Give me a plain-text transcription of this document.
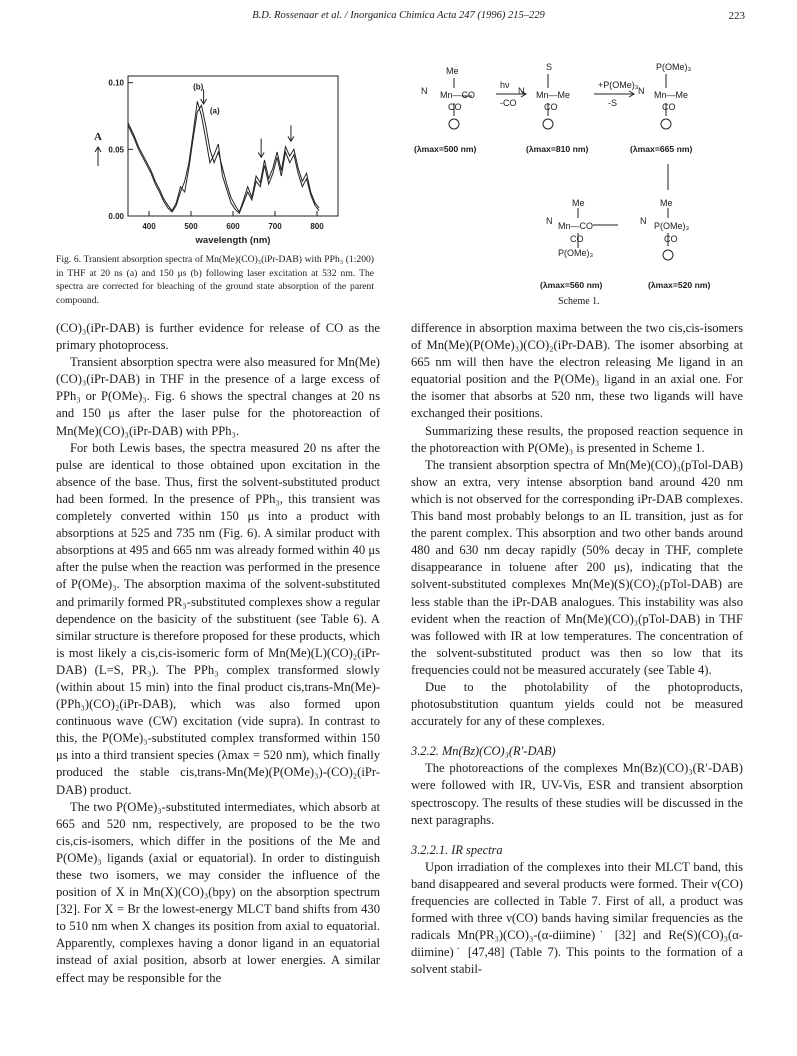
B.D. Rossenaar et al. / Inorganica Chimica Acta 247 (1996) 215–229	223
0.10
0.05
0.00
400	500	600	700	800
wavelength (nm)
A
(b)
(a)
Fig. 6. Transient absorption spectra of Mn(Me)(CO)₃(iPr-DAB) with PPh₃ (1:200) in THF at 20 ns (a) and 150 μs (b) following laser excitation at 532 nm. The spectra are corrected for bleaching of the ground state absorption of the parent compound.
Me	S	P(OMe)₃
N Mn—CO
CO
hν
-CO
N Mn—Me
CO
+P(OMe)₃
-S
N Mn—Me
CO
(λmax=500 nm)	(λmax=810 nm)	(λmax=665 nm)
Me	Me
N Mn—CO
CO
P(OMe)₃
N P(OMe)₃
CO
(λmax=560 nm)	(λmax=520 nm)
Scheme 1.

(CO)₃(iPr-DAB) is further evidence for release of CO as the primary photoprocess.

Transient absorption spectra were also measured for Mn(Me)(CO)₃(iPr-DAB) in THF in the presence of a large excess of PPh₃ or P(OMe)₃. Fig. 6 shows the spectral changes at 20 ns and 150 μs after the laser pulse for the photoreaction of Mn(Me)(CO)₃(iPr-DAB) with PPh₃.

For both Lewis bases, the spectra measured 20 ns after the pulse are identical to those obtained upon excitation in the absence of the base. Thus, first the solvent-substituted product had been formed. In the presence of PPh₃, this transient was completely converted within 150 μs into a product with absorptions at 525 and 735 nm (Fig. 6). A similar product with absorptions at 495 and 665 nm was already formed within 40 μs after the pulse when the reaction was performed in the presence of P(OMe)₃. The absorption maxima of the solvent-substituted and primarily formed PR₃-substituted complexes show a regular dependence on the basicity of the substituent (see Table 6). A similar structure is therefore proposed for these products, which is most likely a cis,cis-isomeric form of Mn(Me)(L)(CO)₂(iPr-DAB) (L=S, PR₃). The PPh₃ complex transformed slowly (within about 15 min) into the final product cis,trans-Mn(Me)-(PPh₃)(CO)₂(iPr-DAB), which was also formed upon continuous wave (CW) excitation (vide supra). In contrast to this, the P(OMe)₃-substituted complex transformed within 150 μs into a third transient species (λmax = 520 nm), which finally produced the stable cis,trans-Mn(Me)(P(OMe)₃)-(CO)₂(iPr-DAB) product.

The two P(OMe)₃-substituted intermediates, which absorb at 665 and 520 nm, respectively, are proposed to be the two cis,cis-isomers, which differ in the positions of the Me and P(OMe)₃ ligands (axial or equatorial). In order to distinguish these two isomers, we may consider the influence of the position of X in Mn(X)(CO)₃(bpy) on the absorption spectrum [32]. For X = Br the lowest-energy MLCT band shifts from 430 to 510 nm when X changes its position from axial to equatorial. Apparently, complexes having a donor ligand in an equatorial instead of axial position, absorb at lower energies. A similar effect may be responsible for the

difference in absorption maxima between the two cis,cis-isomers of Mn(Me)(P(OMe)₃)(CO)₂(iPr-DAB). The isomer absorbing at 665 nm will then have the electron releasing Me ligand in an equatorial position and the P(OMe)₃ ligand in an axial one. For the isomer that absorbs at 520 nm, these two ligands will have exchanged their positions.

Summarizing these results, the proposed reaction sequence in the photoreaction with P(OMe)₃ is presented in Scheme 1.

The transient absorption spectra of Mn(Me)(CO)₃(pTol-DAB) show an extra, very intense absorption band around 420 nm which is not observed for the corresponding iPr-DAB complexes. This band most probably belongs to an IL transition, just as for the parent complex. This absorption and two other bands around 480 and 630 nm decay rapidly (50% decay in THF, complete disappearance in toluene after 200 μs), indicating that the solvent-substituted complexes Mn(Me)(S)(CO)₂(pTol-DAB) are less stable than the iPr-DAB analogues. This instability was also evident when the reaction of Mn(Me)(CO)₃(pTol-DAB) in THF was followed with IR at low temperatures. The concentration of the solvent-substituted product was then so low that its frequencies could not be measured accurately (see Table 4).

Due to the photolability of the photoproducts, photosubstitution quantum yields could not be measured accurately for any of these complexes.

3.2.2. Mn(Bz)(CO)₃(R′-DAB)

The photoreactions of the complexes Mn(Bz)(CO)₃(R′-DAB) were followed with IR, UV-Vis, ESR and transient absorption spectroscopy. The results of these studies will be discussed in the next paragraphs.

3.2.2.1. IR spectra

Upon irradiation of the complexes into their MLCT band, this band disappeared and several products were formed. Their ν(CO) frequencies are collected in Table 7. First of all, a product was formed with three ν(CO) bands having similar frequencies as the radicals Mn(PR₃)(CO)₃-(α-diimine)˙ [32] and Re(S)(CO)₃(α-diimine)˙ [47,48] (Table 7). This points to the formation of a solvent stabil-
